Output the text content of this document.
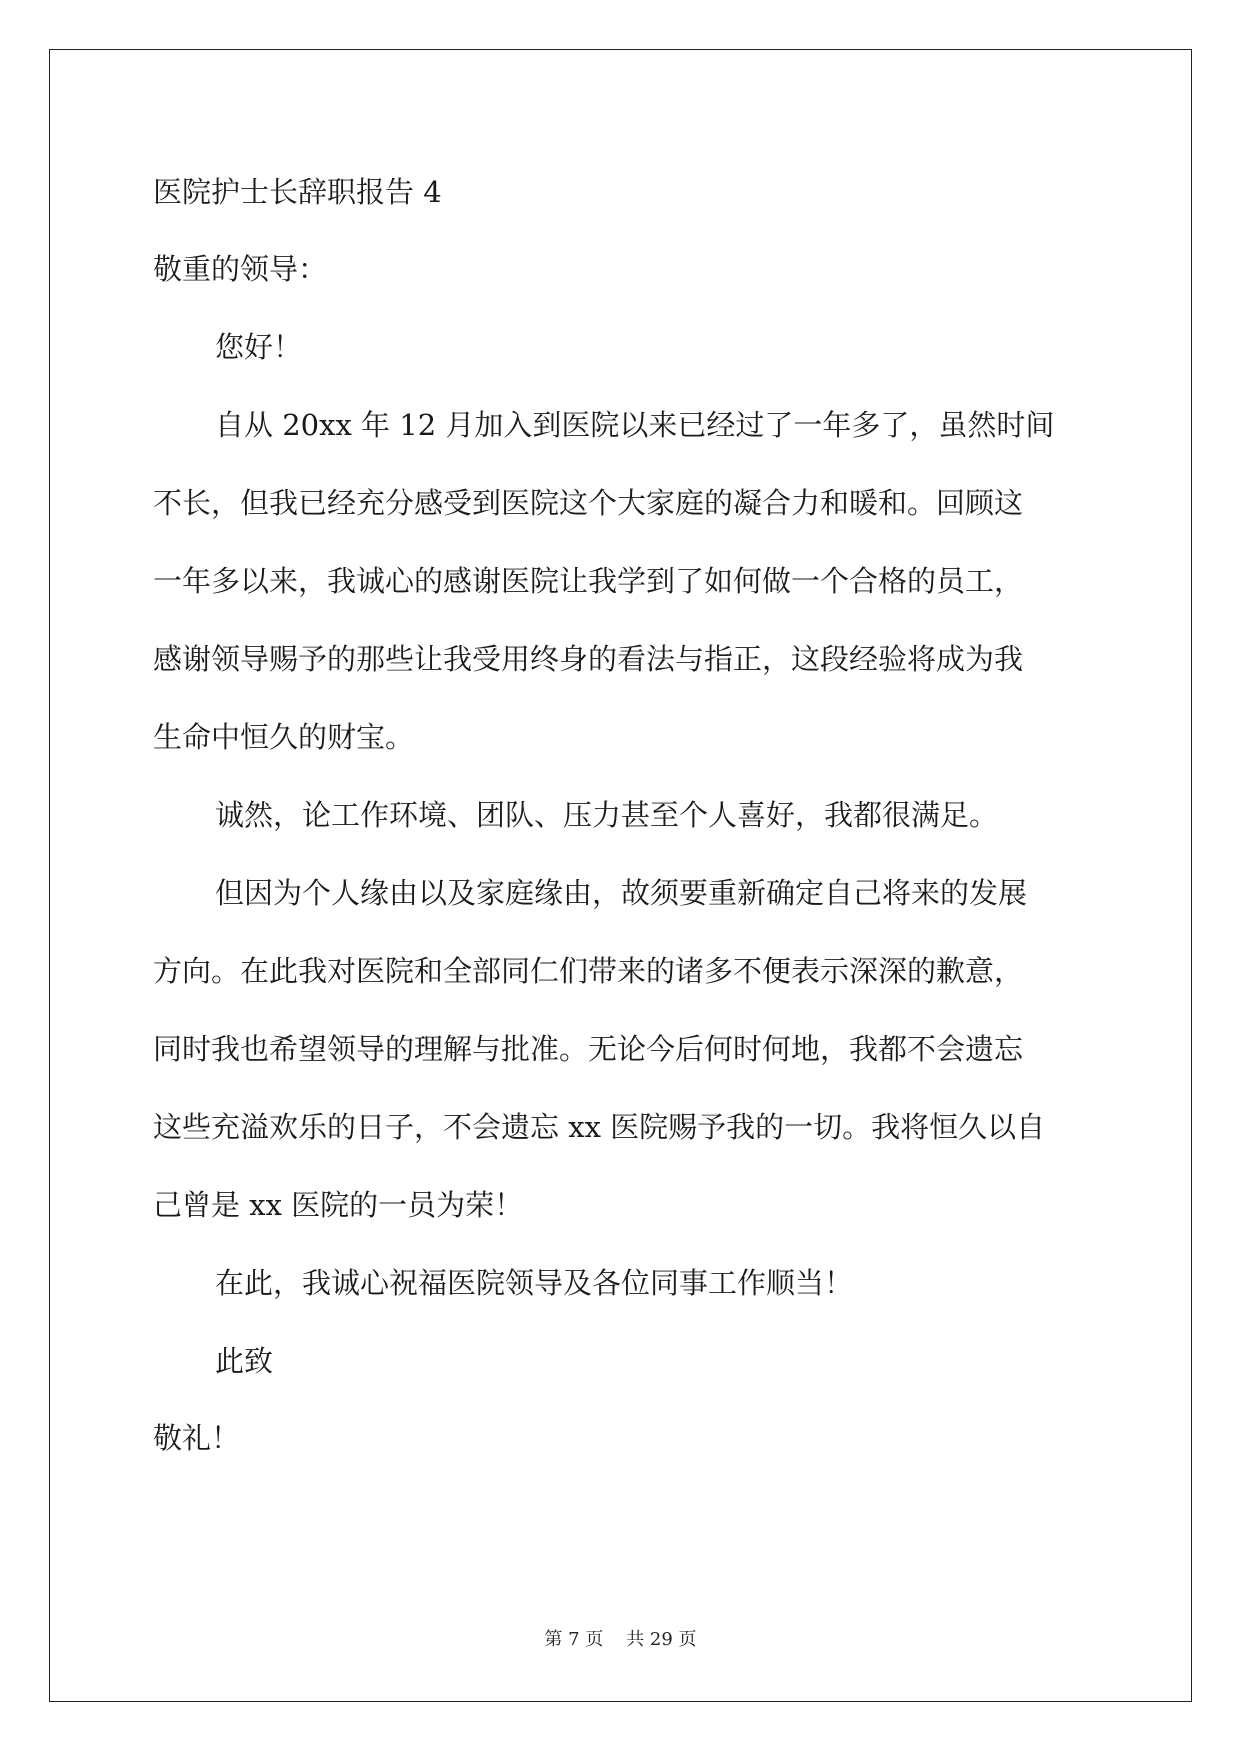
医院护士长辞职报告 4

敬重的领导：

您好！

自从 20xx 年 12 月加入到医院以来已经过了一年多了，虽然时间

不长，但我已经充分感受到医院这个大家庭的凝合力和暖和。回顾这

一年多以来，我诚心的感谢医院让我学到了如何做一个合格的员工，

感谢领导赐予的那些让我受用终身的看法与指正，这段经验将成为我

生命中恒久的财宝。

诚然，论工作环境、团队、压力甚至个人喜好，我都很满足。

但因为个人缘由以及家庭缘由，故须要重新确定自己将来的发展

方向。在此我对医院和全部同仁们带来的诸多不便表示深深的歉意，

同时我也希望领导的理解与批准。无论今后何时何地，我都不会遗忘

这些充溢欢乐的日子，不会遗忘 xx 医院赐予我的一切。我将恒久以自

己曾是 xx 医院的一员为荣！

在此，我诚心祝福医院领导及各位同事工作顺当！

此致

敬礼！

第 7 页    共 29 页
